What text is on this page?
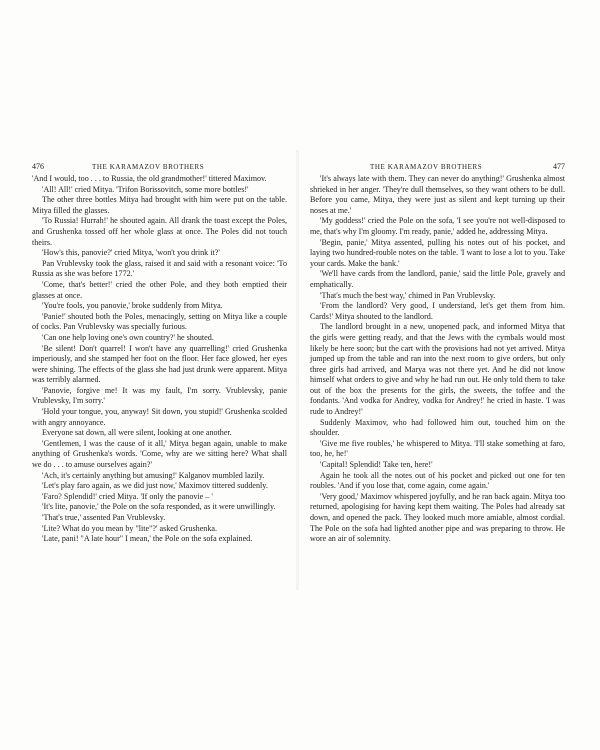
476	THE KARAMAZOV BROTHERS

'And I would, too . . . to Russia, the old grandmother!' tittered Maximov.

'All! All!' cried Mitya. 'Trifon Borissovitch, some more bottles!'

The other three bottles Mitya had brought with him were put on the table. Mitya filled the glasses.

'To Russia! Hurrah!' he shouted again. All drank the toast except the Poles, and Grushenka tossed off her whole glass at once. The Poles did not touch theirs.

'How's this, panovie?' cried Mitya, 'won't you drink it?'

Pan Vrublevsky took the glass, raised it and said with a resonant voice: 'To Russia as she was before 1772.'

'Come, that's better!' cried the other Pole, and they both emptied their glasses at once.

'You're fools, you panovie,' broke suddenly from Mitya.

'Panie!' shouted both the Poles, menacingly, setting on Mitya like a couple of cocks. Pan Vrublevsky was specially furious.

'Can one help loving one's own country?' he shouted.

'Be silent! Don't quarrel! I won't have any quarrelling!' cried Grushenka imperiously, and she stamped her foot on the floor. Her face glowed, her eyes were shining. The effects of the glass she had just drunk were apparent. Mitya was terribly alarmed.

'Panovie, forgive me! It was my fault, I'm sorry. Vrublevsky, panie Vrublevsky, I'm sorry.'

'Hold your tongue, you, anyway! Sit down, you stupid!' Grushenka scolded with angry annoyance.

Everyone sat down, all were silent, looking at one another.

'Gentlemen, I was the cause of it all,' Mitya began again, unable to make anything of Grushenka's words. 'Come, why are we sitting here? What shall we do . . . to amuse ourselves again?'

'Ach, it's certainly anything but amusing!' Kalganov mumbled lazily.

'Let's play faro again, as we did just now,' Maximov tittered suddenly.

'Faro? Splendid!' cried Mitya. 'If only the panovie – '

'It's lite, panovie,' the Pole on the sofa responded, as it were unwillingly.

'That's true,' assented Pan Vrublevsky.

'Lite? What do you mean by "lite"?' asked Grushenka.

'Late, pani! "A late hour" I mean,' the Pole on the sofa explained.

THE KARAMAZOV BROTHERS	477

'It's always late with them. They can never do anything!' Grushenka almost shrieked in her anger. 'They're dull themselves, so they want others to be dull. Before you came, Mitya, they were just as silent and kept turning up their noses at me.'

'My goddess!' cried the Pole on the sofa, 'I see you're not well-disposed to me, that's why I'm gloomy. I'm ready, panie,' added he, addressing Mitya.

'Begin, panie,' Mitya assented, pulling his notes out of his pocket, and laying two hundred-rouble notes on the table. 'I want to lose a lot to you. Take your cards. Make the bank.'

'We'll have cards from the landlord, panie,' said the little Pole, gravely and emphatically.

'That's much the best way,' chimed in Pan Vrublevsky.

'From the landlord? Very good, I understand, let's get them from him. Cards!' Mitya shouted to the landlord.

The landlord brought in a new, unopened pack, and informed Mitya that the girls were getting ready, and that the Jews with the cymbals would most likely be here soon; but the cart with the provisions had not yet arrived. Mitya jumped up from the table and ran into the next room to give orders, but only three girls had arrived, and Marya was not there yet. And he did not know himself what orders to give and why he had run out. He only told them to take out of the box the presents for the girls, the sweets, the toffee and the fondants. 'And vodka for Andrey, vodka for Andrey!' he cried in haste. 'I was rude to Andrey!'

Suddenly Maximov, who had followed him out, touched him on the shoulder.

'Give me five roubles,' he whispered to Mitya. 'I'll stake something at faro, too, he, he!'

'Capital! Splendid! Take ten, here!'

Again he took all the notes out of his pocket and picked out one for ten roubles. 'And if you lose that, come again, come again.'

'Very good,' Maximov whispered joyfully, and he ran back again. Mitya too returned, apologising for having kept them waiting. The Poles had already sat down, and opened the pack. They looked much more amiable, almost cordial. The Pole on the sofa had lighted another pipe and was preparing to throw. He wore an air of solemnity.
